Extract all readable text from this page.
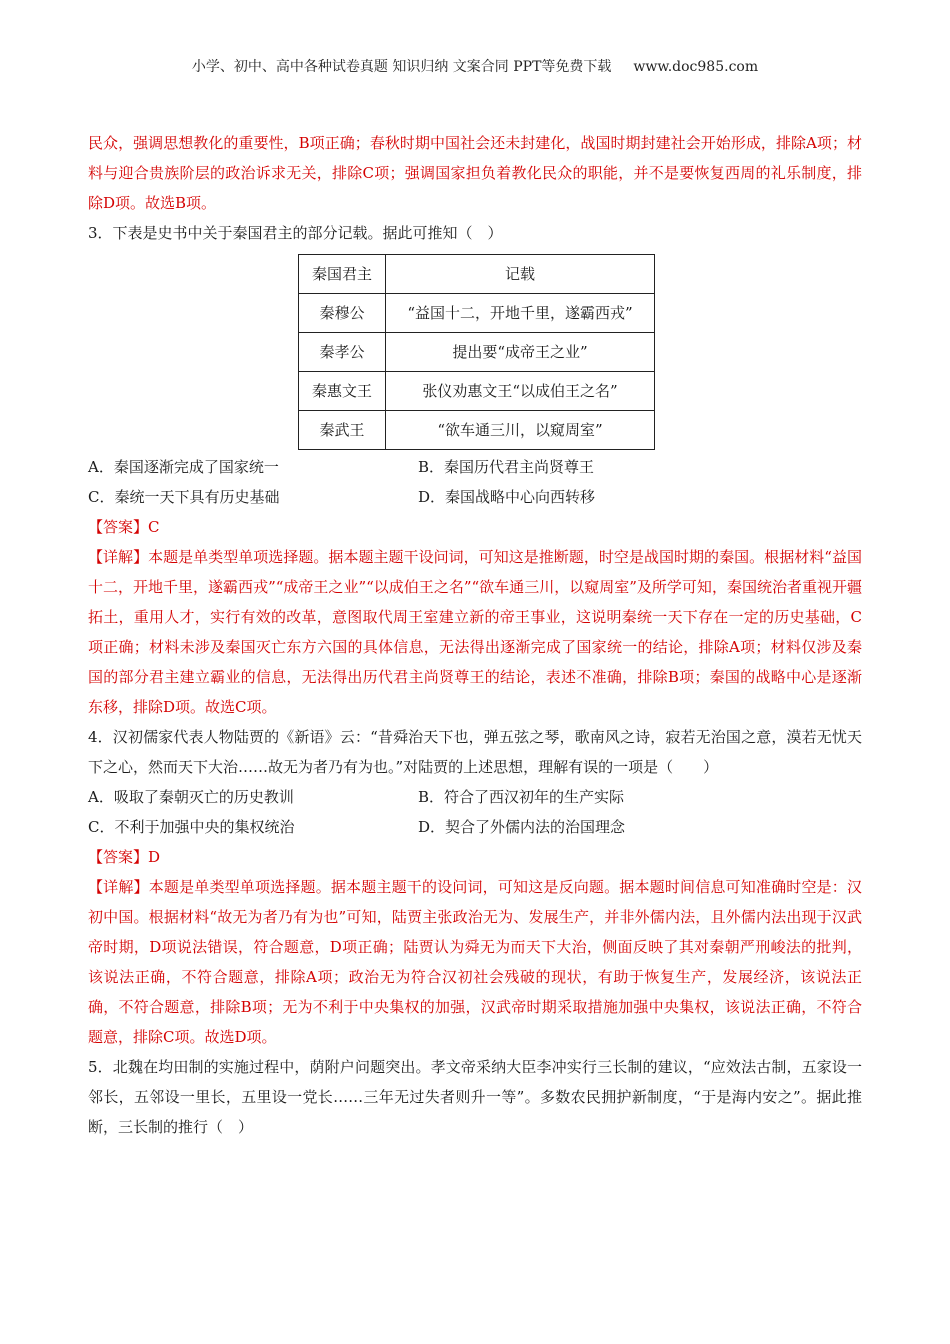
小学、初中、高中各种试卷真题 知识归纳 文案合同 PPT等免费下载 www.doc985.com

民众，强调思想教化的重要性，B项正确；春秋时期中国社会还未封建化，战国时期封建社会开始形成，排除A项；材料与迎合贵族阶层的政治诉求无关，排除C项；强调国家担负着教化民众的职能，并不是要恢复西周的礼乐制度，排除D项。故选B项。

3．下表是史书中关于秦国君主的部分记载。据此可推知（　）

秦国君主	记载
秦穆公	“益国十二，开地千里，遂霸西戎”
秦孝公	提出要“成帝王之业”
秦惠文王	张仪劝惠文王“以成伯王之名”
秦武王	“欲车通三川，以窥周室”
A．秦国逐渐完成了国家统一	B．秦国历代君主尚贤尊王
C．秦统一天下具有历史基础	D．秦国战略中心向西转移

【答案】C

【详解】本题是单类型单项选择题。据本题主题干设问词，可知这是推断题，时空是战国时期的秦国。根据材料“益国十二，开地千里，遂霸西戎”“成帝王之业”“以成伯王之名”“欲车通三川，以窥周室”及所学可知，秦国统治者重视开疆拓土，重用人才，实行有效的改革，意图取代周王室建立新的帝王事业，这说明秦统一天下存在一定的历史基础，C项正确；材料未涉及秦国灭亡东方六国的具体信息，无法得出逐渐完成了国家统一的结论，排除A项；材料仅涉及秦国的部分君主建立霸业的信息，无法得出历代君主尚贤尊王的结论，表述不准确，排除B项；秦国的战略中心是逐渐东移，排除D项。故选C项。

4．汉初儒家代表人物陆贾的《新语》云：“昔舜治天下也，弹五弦之琴，歌南风之诗，寂若无治国之意，漠若无忧天下之心，然而天下大治……故无为者乃有为也。”对陆贾的上述思想，理解有误的一项是（　　）

A．吸取了秦朝灭亡的历史教训	B．符合了西汉初年的生产实际
C．不利于加强中央的集权统治	D．契合了外儒内法的治国理念

【答案】D

【详解】本题是单类型单项选择题。据本题主题干的设问词，可知这是反向题。据本题时间信息可知准确时空是：汉初中国。根据材料“故无为者乃有为也”可知，陆贾主张政治无为、发展生产，并非外儒内法，且外儒内法出现于汉武帝时期，D项说法错误，符合题意，D项正确；陆贾认为舜无为而天下大治，侧面反映了其对秦朝严刑峻法的批判，该说法正确，不符合题意，排除A项；政治无为符合汉初社会残破的现状，有助于恢复生产，发展经济，该说法正确，不符合题意，排除B项；无为不利于中央集权的加强，汉武帝时期采取措施加强中央集权，该说法正确，不符合题意，排除C项。故选D项。

5．北魏在均田制的实施过程中，荫附户问题突出。孝文帝采纳大臣李冲实行三长制的建议，“应效法古制，五家设一邻长，五邻设一里长，五里设一党长……三年无过失者则升一等”。多数农民拥护新制度，“于是海内安之”。据此推断，三长制的推行（　）
